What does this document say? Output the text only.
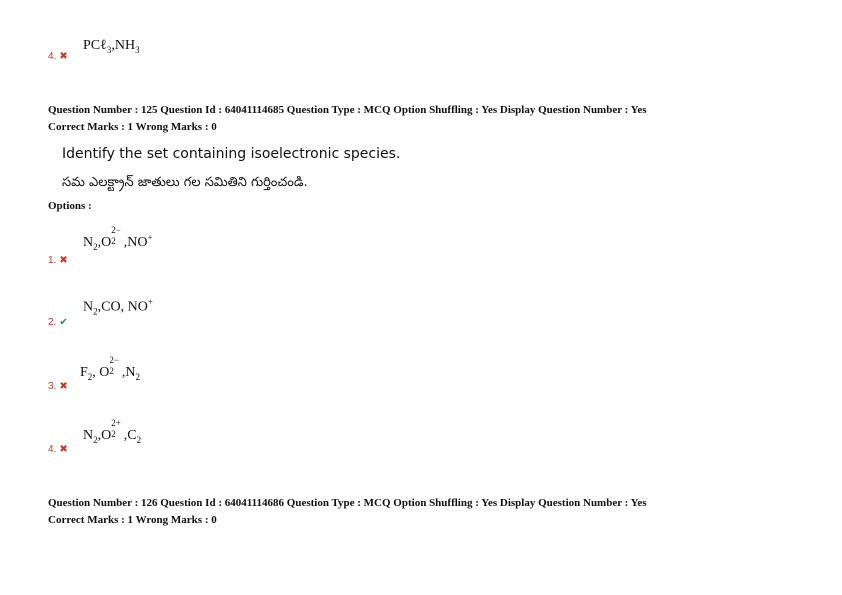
$PC\ell_3,NH_3$
4. ✖
Question Number : 125 Question Id : 64041114685 Question Type : MCQ Option Shuffling : Yes Display Question Number : Yes
Correct Marks : 1 Wrong Marks : 0
Identify the set containing isoelectronic species.
సమ ఎలక్ట్రాన్ జాతులు గల సమితిని గుర్తించండి.
Options :
$N_2,O$
2−
2 ,NO+
1. ✖
$N_2,CO$, NO+
2. ✔
$F_2$, O
2−
2 $,N_2$
3. ✖
$N_2,O$
2+
2 $,C_2$
4. ✖
Question Number : 126 Question Id : 64041114686 Question Type : MCQ Option Shuffling : Yes Display Question Number : Yes
Correct Marks : 1 Wrong Marks : 0
